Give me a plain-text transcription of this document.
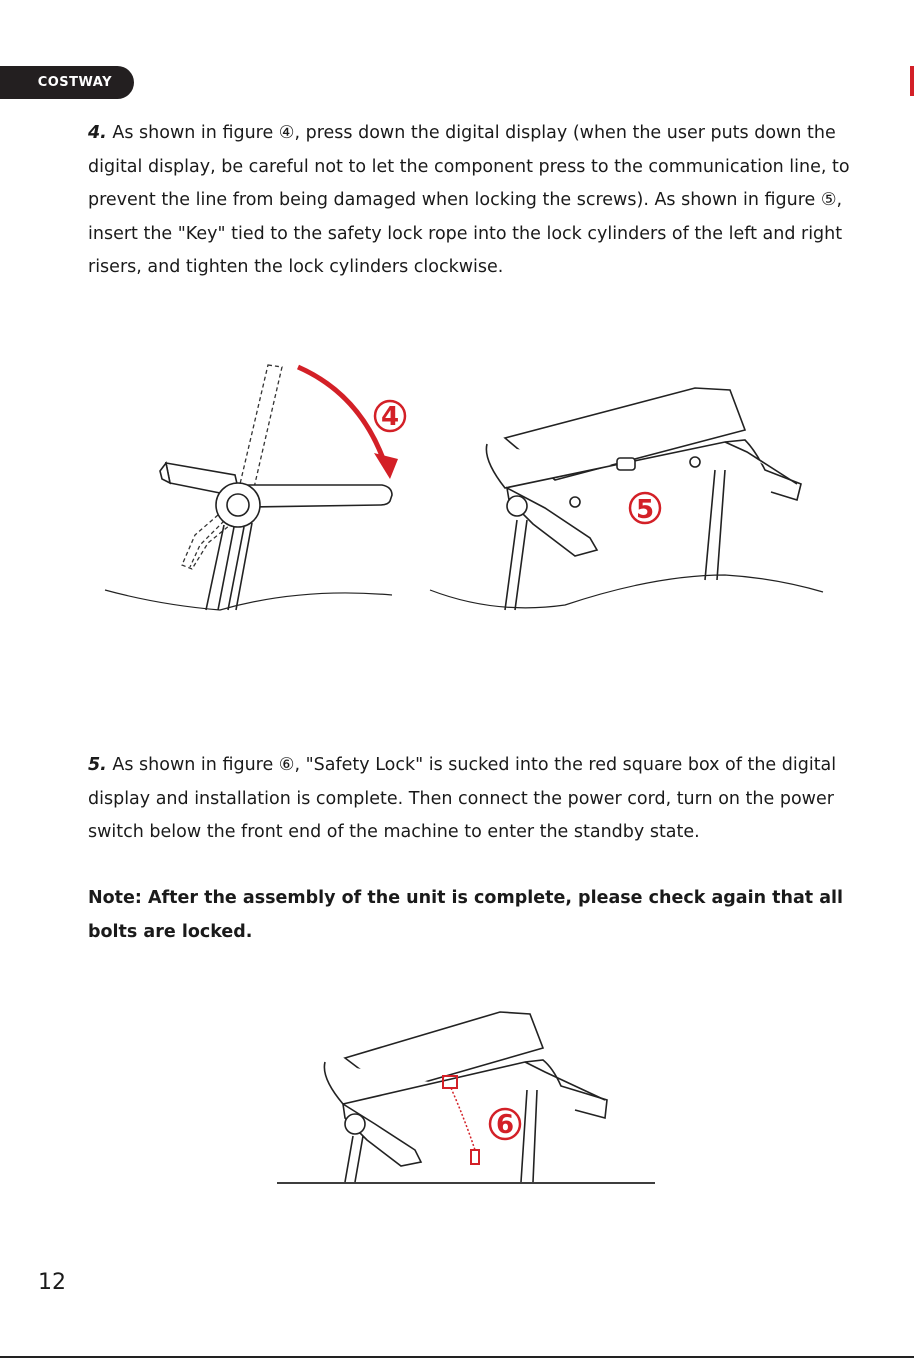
COSTWAY

4. As shown in figure ④, press down the digital display (when the user puts down the digital display, be careful not to let the component press to the communication line, to prevent the line from being damaged when locking the screws). As shown in figure ⑤, insert the "Key" tied to the safety lock rope into the lock cylinders of the left and right risers, and tighten the lock cylinders clockwise.

4
5

5. As shown in figure ⑥, "Safety Lock" is sucked into the red square box of the digital display and installation is complete. Then connect the power cord, turn on the power switch below the front end of the machine to enter the standby state.

Note: After the assembly of the unit is complete, please check again that all bolts are locked.

6
12
